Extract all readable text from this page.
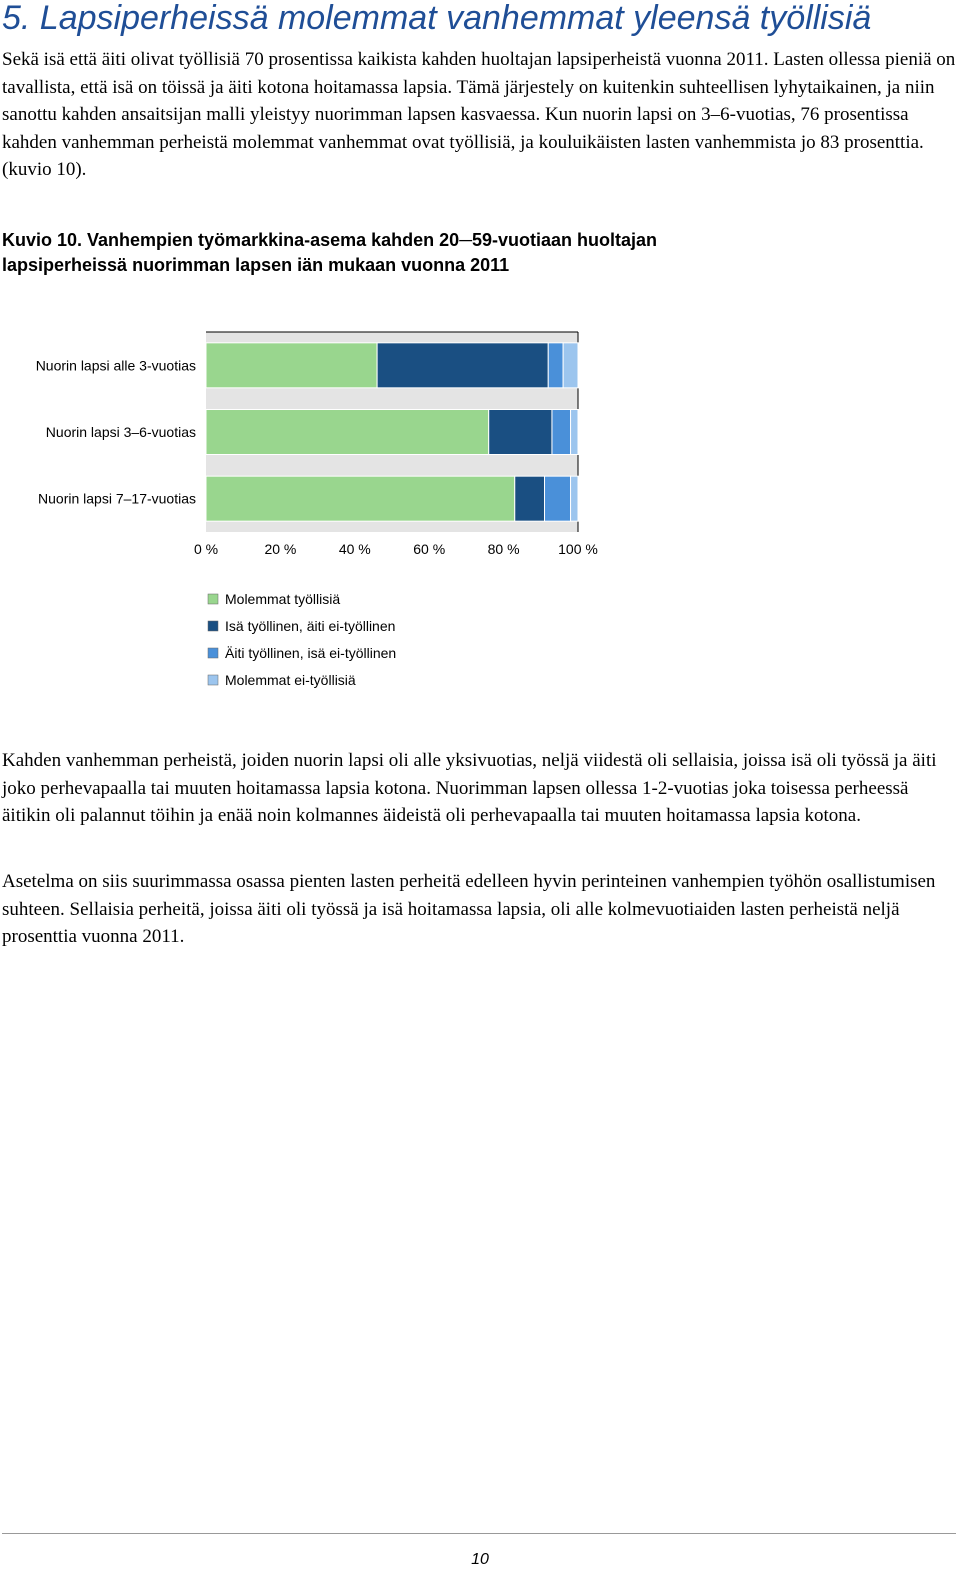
5. Lapsiperheissä molemmat vanhemmat yleensä työllisiä

Sekä isä että äiti olivat työllisiä 70 prosentissa kaikista kahden huoltajan lapsiperheistä vuonna 2011. Lasten ollessa pieniä on tavallista, että isä on töissä ja äiti kotona hoitamassa lapsia. Tämä järjestely on kuitenkin suhteellisen lyhytaikainen, ja niin sanottu kahden ansaitsijan malli yleistyy nuorimman lapsen kasvaessa. Kun nuorin lapsi on 3–6-vuotias, 76 prosentissa kahden vanhemman perheistä molemmat vanhemmat ovat työllisiä, ja kouluikäisten lasten vanhemmista jo 83 prosenttia. (kuvio 10).

Kuvio 10. Vanhempien työmarkkina-asema kahden 20─59-vuotiaan huoltajan lapsiperheissä nuorimman lapsen iän mukaan vuonna 2011

Nuorin lapsi alle 3-vuotias
Nuorin lapsi 3–6-vuotias
Nuorin lapsi 7–17-vuotias
0 %	20 %	40 %	60 %	80 %	100 %
Molemmat työllisiä
Isä työllinen, äiti ei-työllinen
Äiti työllinen, isä ei-työllinen
Molemmat ei-työllisiä

Kahden vanhemman perheistä, joiden nuorin lapsi oli alle yksivuotias, neljä viidestä oli sellaisia, joissa isä oli työssä ja äiti joko perhevapaalla tai muuten hoitamassa lapsia kotona. Nuorimman lapsen ollessa 1-2-vuotias joka toisessa perheessä äitikin oli palannut töihin ja enää noin kolmannes äideistä oli perhevapaalla tai muuten hoitamassa lapsia kotona.

Asetelma on siis suurimmassa osassa pienten lasten perheitä edelleen hyvin perinteinen vanhempien työhön osallistumisen suhteen. Sellaisia perheitä, joissa äiti oli työssä ja isä hoitamassa lapsia, oli alle kolmevuotiaiden lasten perheistä neljä prosenttia vuonna 2011.

10
